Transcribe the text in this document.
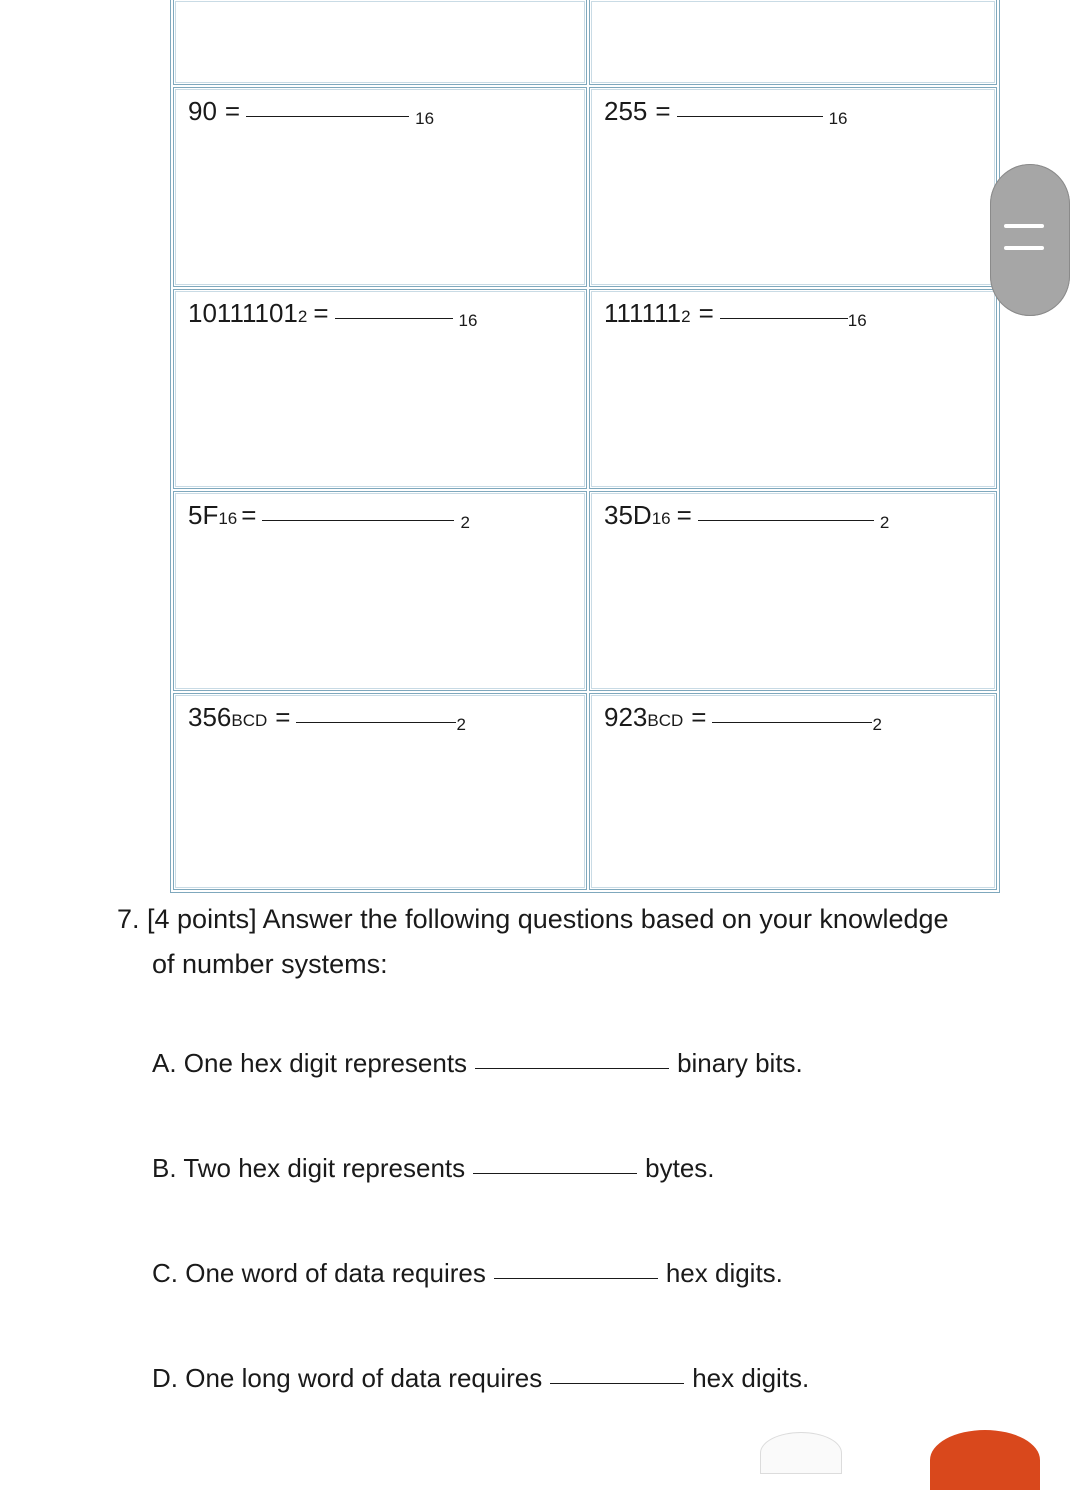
90 =	16	255 =	16
10111101 2 =	16	111111 2 =	16
5F 16 =	2	35D 16 =	2
356 BCD =	2	923 BCD =	2
7. [4 points] Answer the following questions based on your knowledge
of number systems:
A. One hex digit represents	binary bits.
B. Two hex digit represents	bytes.
C. One word of data requires	hex digits.
D. One long word of data requires	hex digits.
